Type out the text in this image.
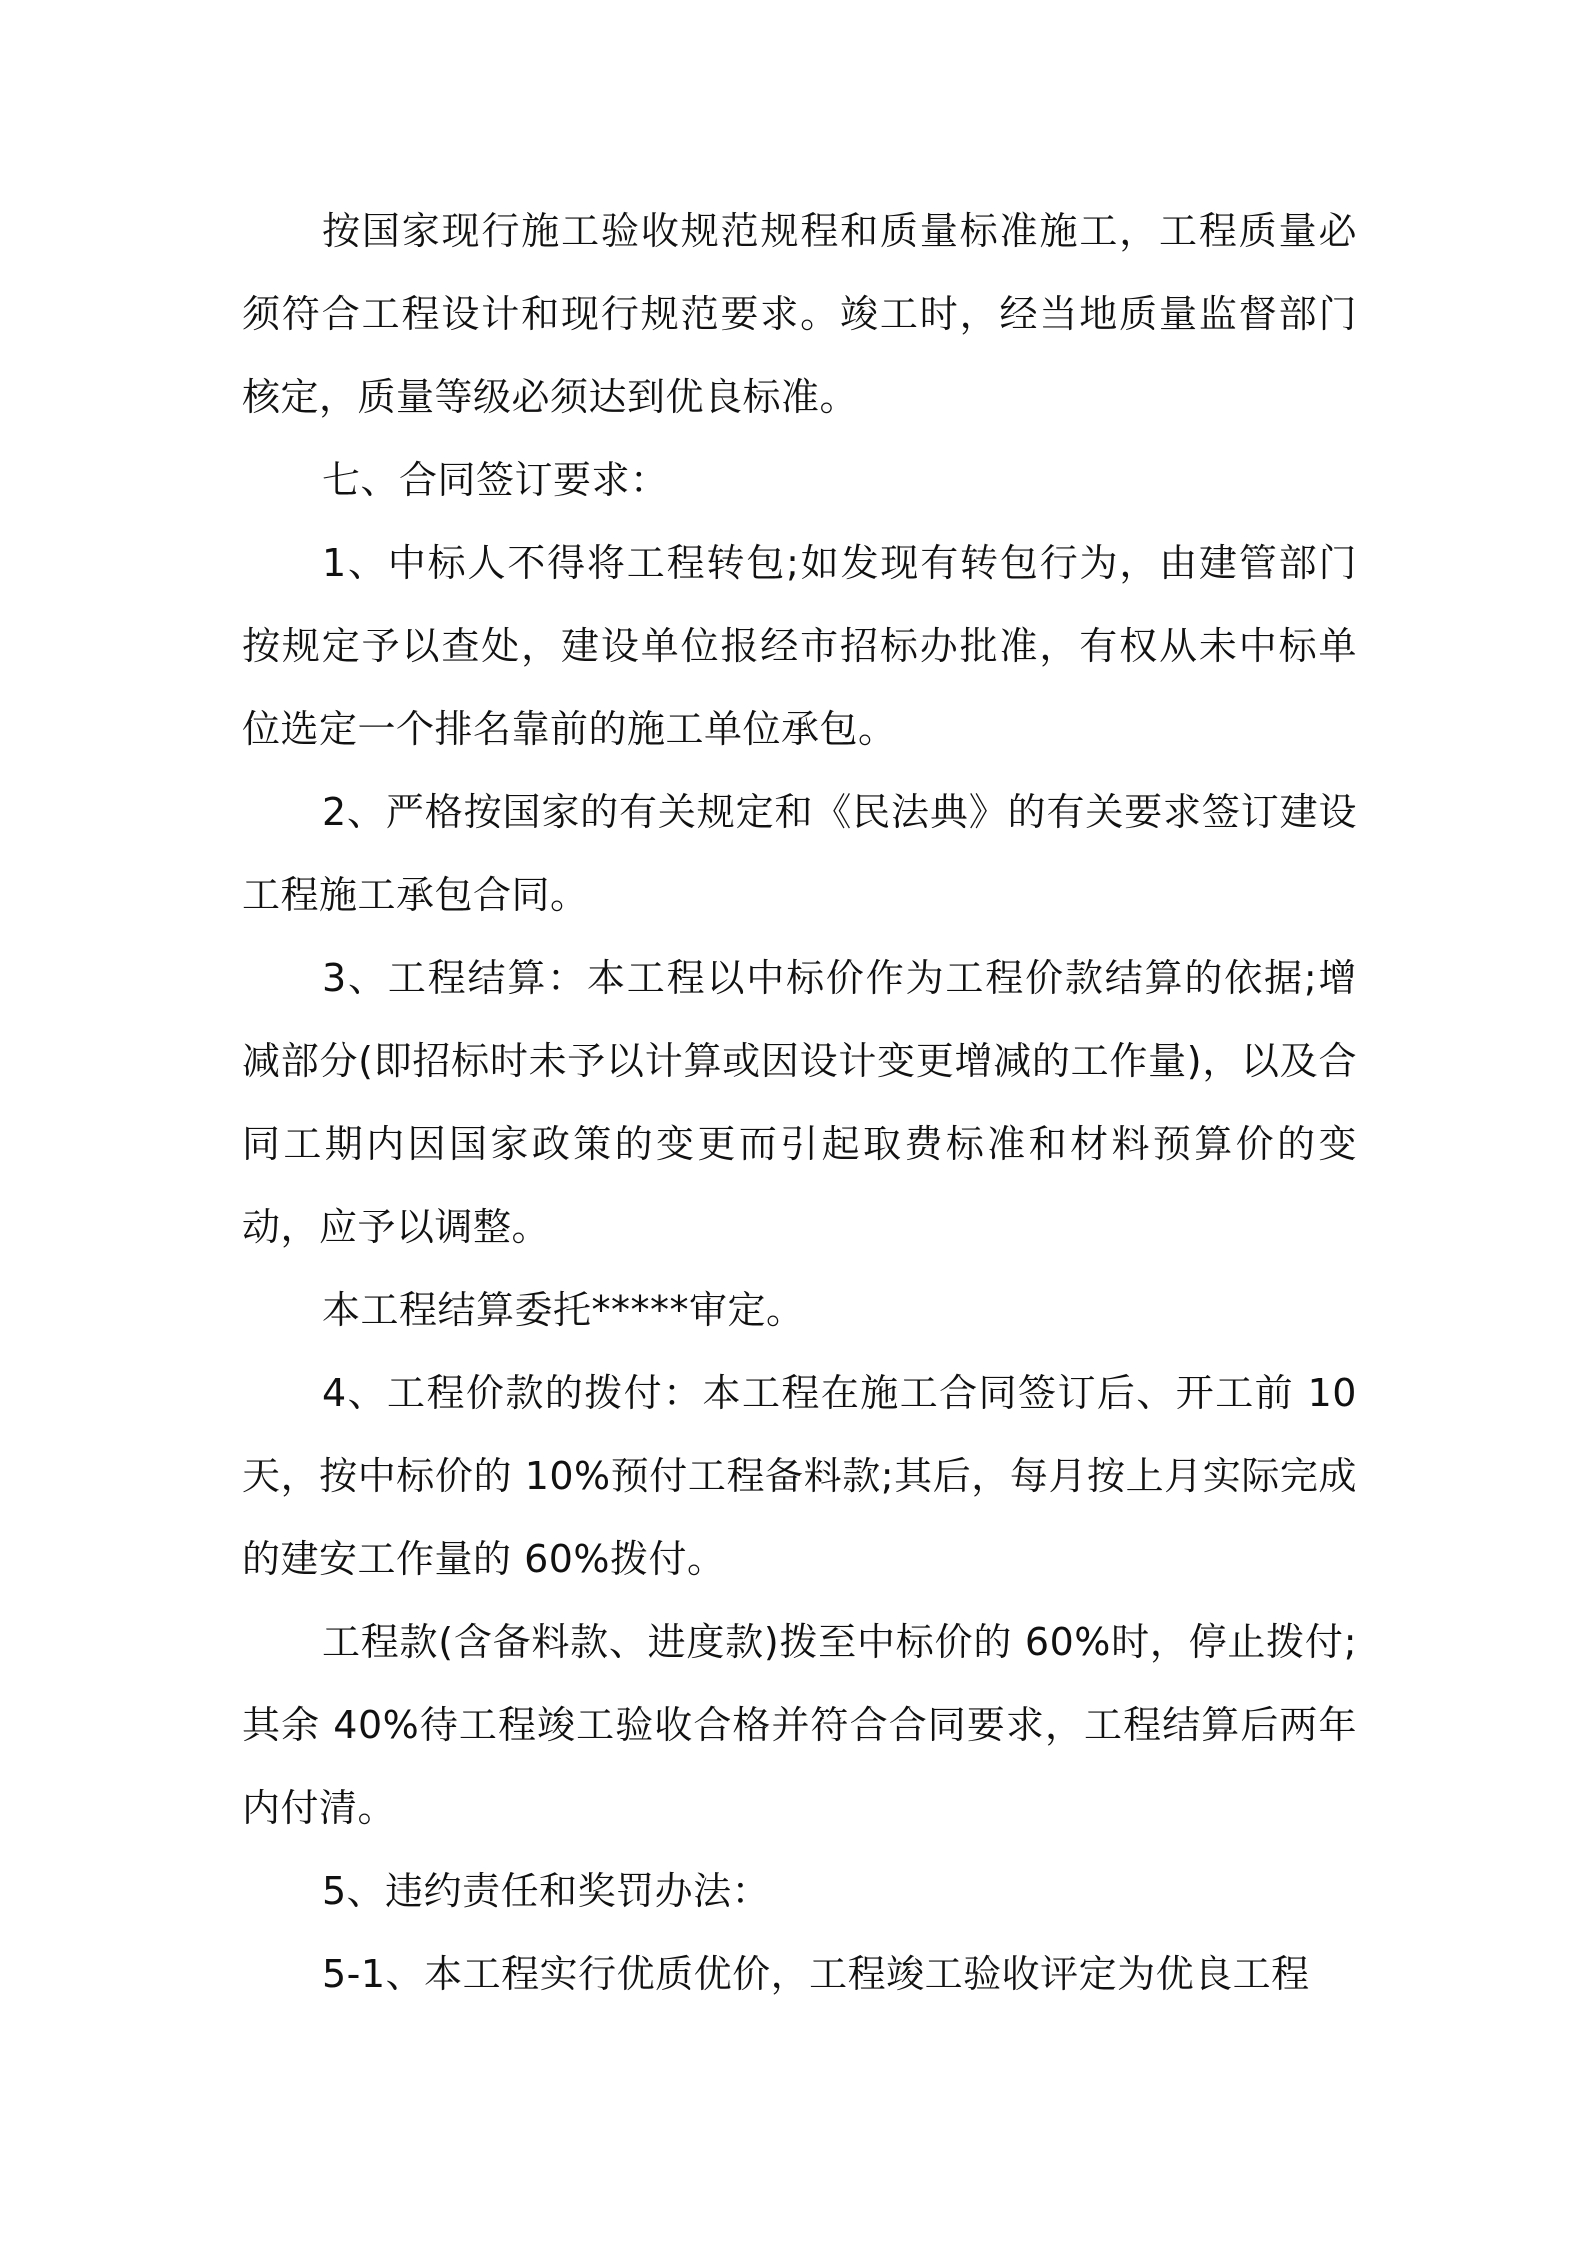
按国家现行施工验收规范规程和质量标准施工，工程质量必须符合工程设计和现行规范要求。竣工时，经当地质量监督部门核定，质量等级必须达到优良标准。

七、合同签订要求：

1、中标人不得将工程转包;如发现有转包行为，由建管部门按规定予以查处，建设单位报经市招标办批准，有权从未中标单位选定一个排名靠前的施工单位承包。

2、严格按国家的有关规定和《民法典》的有关要求签订建设工程施工承包合同。

3、工程结算：本工程以中标价作为工程价款结算的依据;增减部分(即招标时未予以计算或因设计变更增减的工作量)，以及合同工期内因国家政策的变更而引起取费标准和材料预算价的变动，应予以调整。

本工程结算委托*****审定。

4、工程价款的拨付：本工程在施工合同签订后、开工前 10 天，按中标价的 10%预付工程备料款;其后，每月按上月实际完成的建安工作量的 60%拨付。

工程款(含备料款、进度款)拨至中标价的 60%时，停止拨付;其余 40%待工程竣工验收合格并符合合同要求，工程结算后两年内付清。

5、违约责任和奖罚办法：

5-1、本工程实行优质优价，工程竣工验收评定为优良工程
